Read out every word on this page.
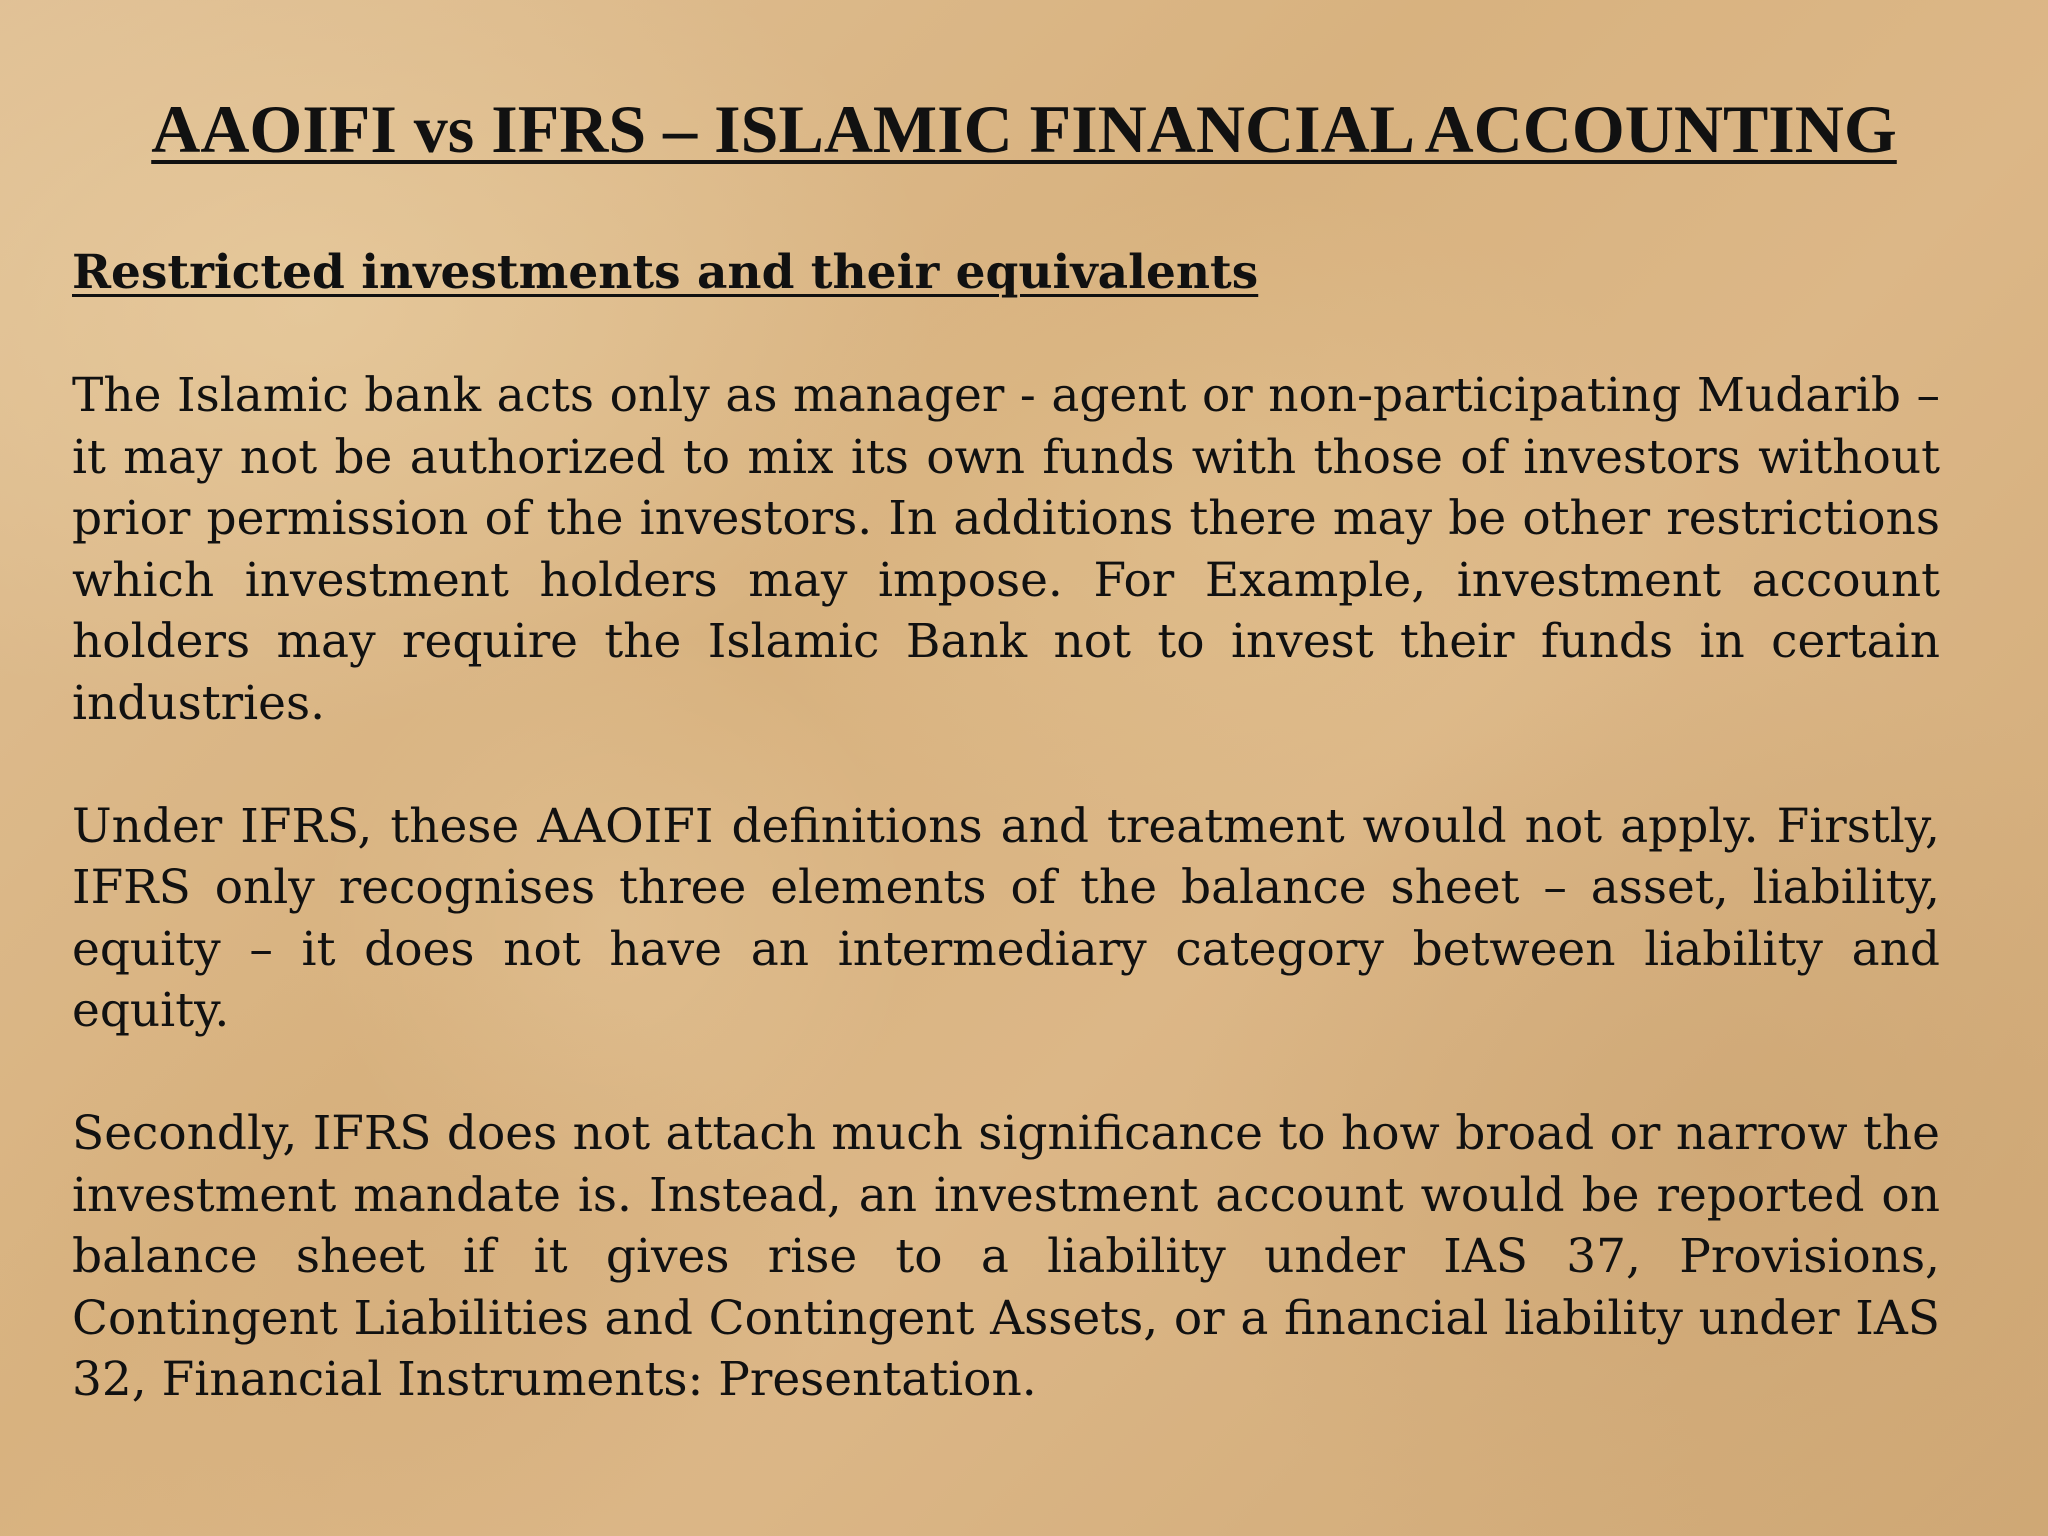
AAOIFI vs IFRS – ISLAMIC FINANCIAL ACCOUNTING

Restricted investments and their equivalents

The Islamic bank acts only as manager - agent or non-participating Mudarib – it may not be authorized to mix its own funds with those of investors without prior permission of the investors. In additions there may be other restrictions which investment holders may impose. For Example, investment account holders may require the Islamic Bank not to invest their funds in certain industries.

Under IFRS, these AAOIFI definitions and treatment would not apply. Firstly, IFRS only recognises three elements of the balance sheet – asset, liability, equity – it does not have an intermediary category between liability and equity.

Secondly, IFRS does not attach much significance to how broad or narrow the investment mandate is. Instead, an investment account would be reported on balance sheet if it gives rise to a liability under IAS 37, Provisions, Contingent Liabilities and Contingent Assets, or a financial liability under IAS 32, Financial Instruments: Presentation.
